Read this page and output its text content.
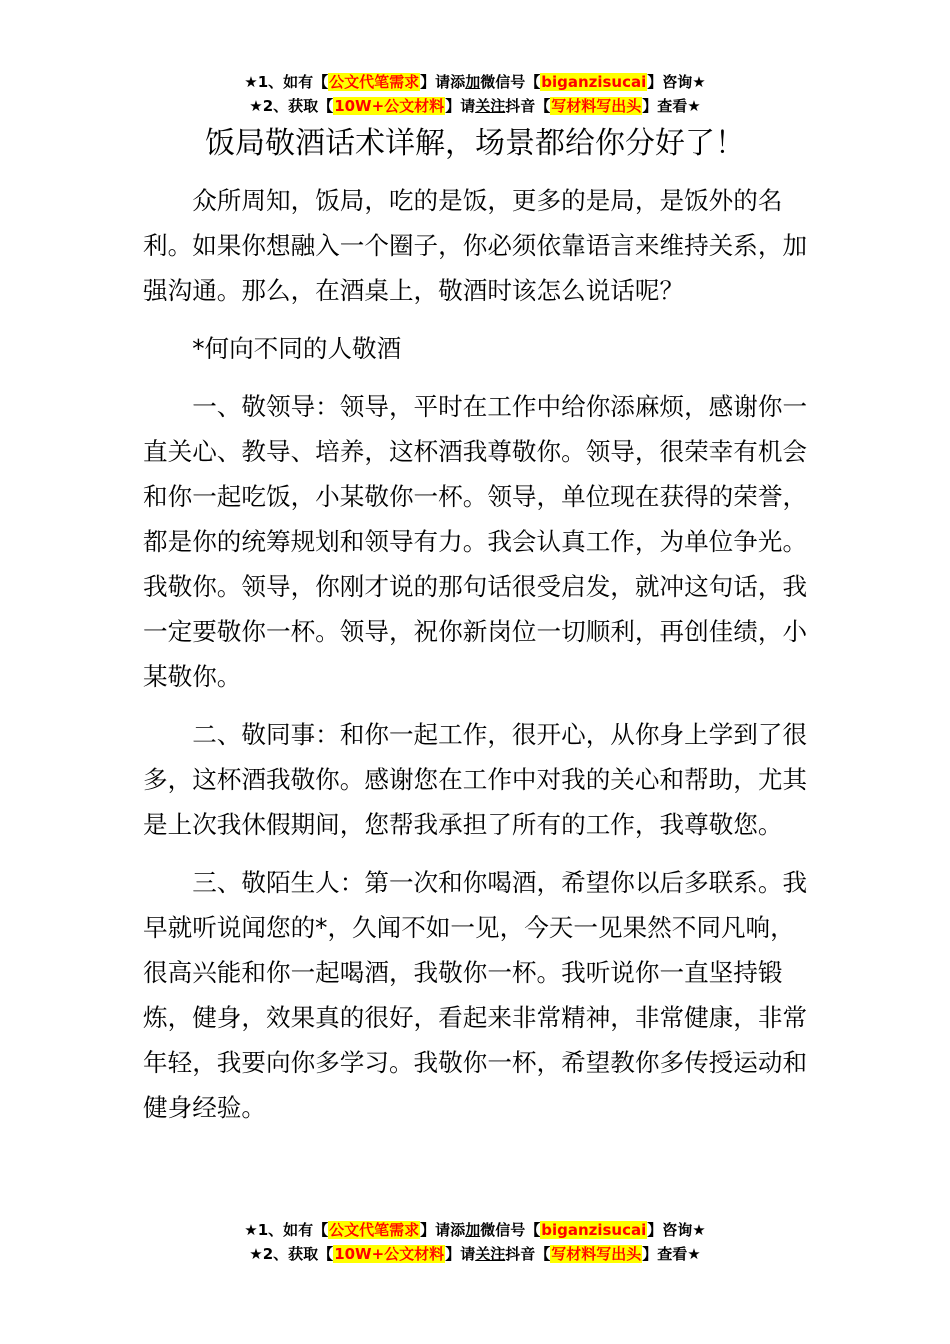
★1、如有【公文代笔需求】请添加微信号【biganzisucai】咨询★
★2、获取【10W+公文材料】请关注抖音【写材料写出头】查看★
饭局敬酒话术详解，场景都给你分好了！

众所周知，饭局，吃的是饭，更多的是局，是饭外的名利。如果你想融入一个圈子，你必须依靠语言来维持关系，加强沟通。那么，在酒桌上，敬酒时该怎么说话呢？

*何向不同的人敬酒

一、敬领导：领导，平时在工作中给你添麻烦，感谢你一直关心、教导、培养，这杯酒我尊敬你。领导，很荣幸有机会和你一起吃饭，小某敬你一杯。领导，单位现在获得的荣誉，都是你的统筹规划和领导有力。我会认真工作，为单位争光。我敬你。领导，你刚才说的那句话很受启发，就冲这句话，我一定要敬你一杯。领导，祝你新岗位一切顺利，再创佳绩，小某敬你。

二、敬同事：和你一起工作，很开心，从你身上学到了很多，这杯酒我敬你。感谢您在工作中对我的关心和帮助，尤其是上次我休假期间，您帮我承担了所有的工作，我尊敬您。

三、敬陌生人：第一次和你喝酒，希望你以后多联系。我早就听说闻您的*，久闻不如一见，今天一见果然不同凡响，很高兴能和你一起喝酒，我敬你一杯。我听说你一直坚持锻炼，健身，效果真的很好，看起来非常精神，非常健康，非常年轻，我要向你多学习。我敬你一杯，希望教你多传授运动和健身经验。

★1、如有【公文代笔需求】请添加微信号【biganzisucai】咨询★
★2、获取【10W+公文材料】请关注抖音【写材料写出头】查看★
